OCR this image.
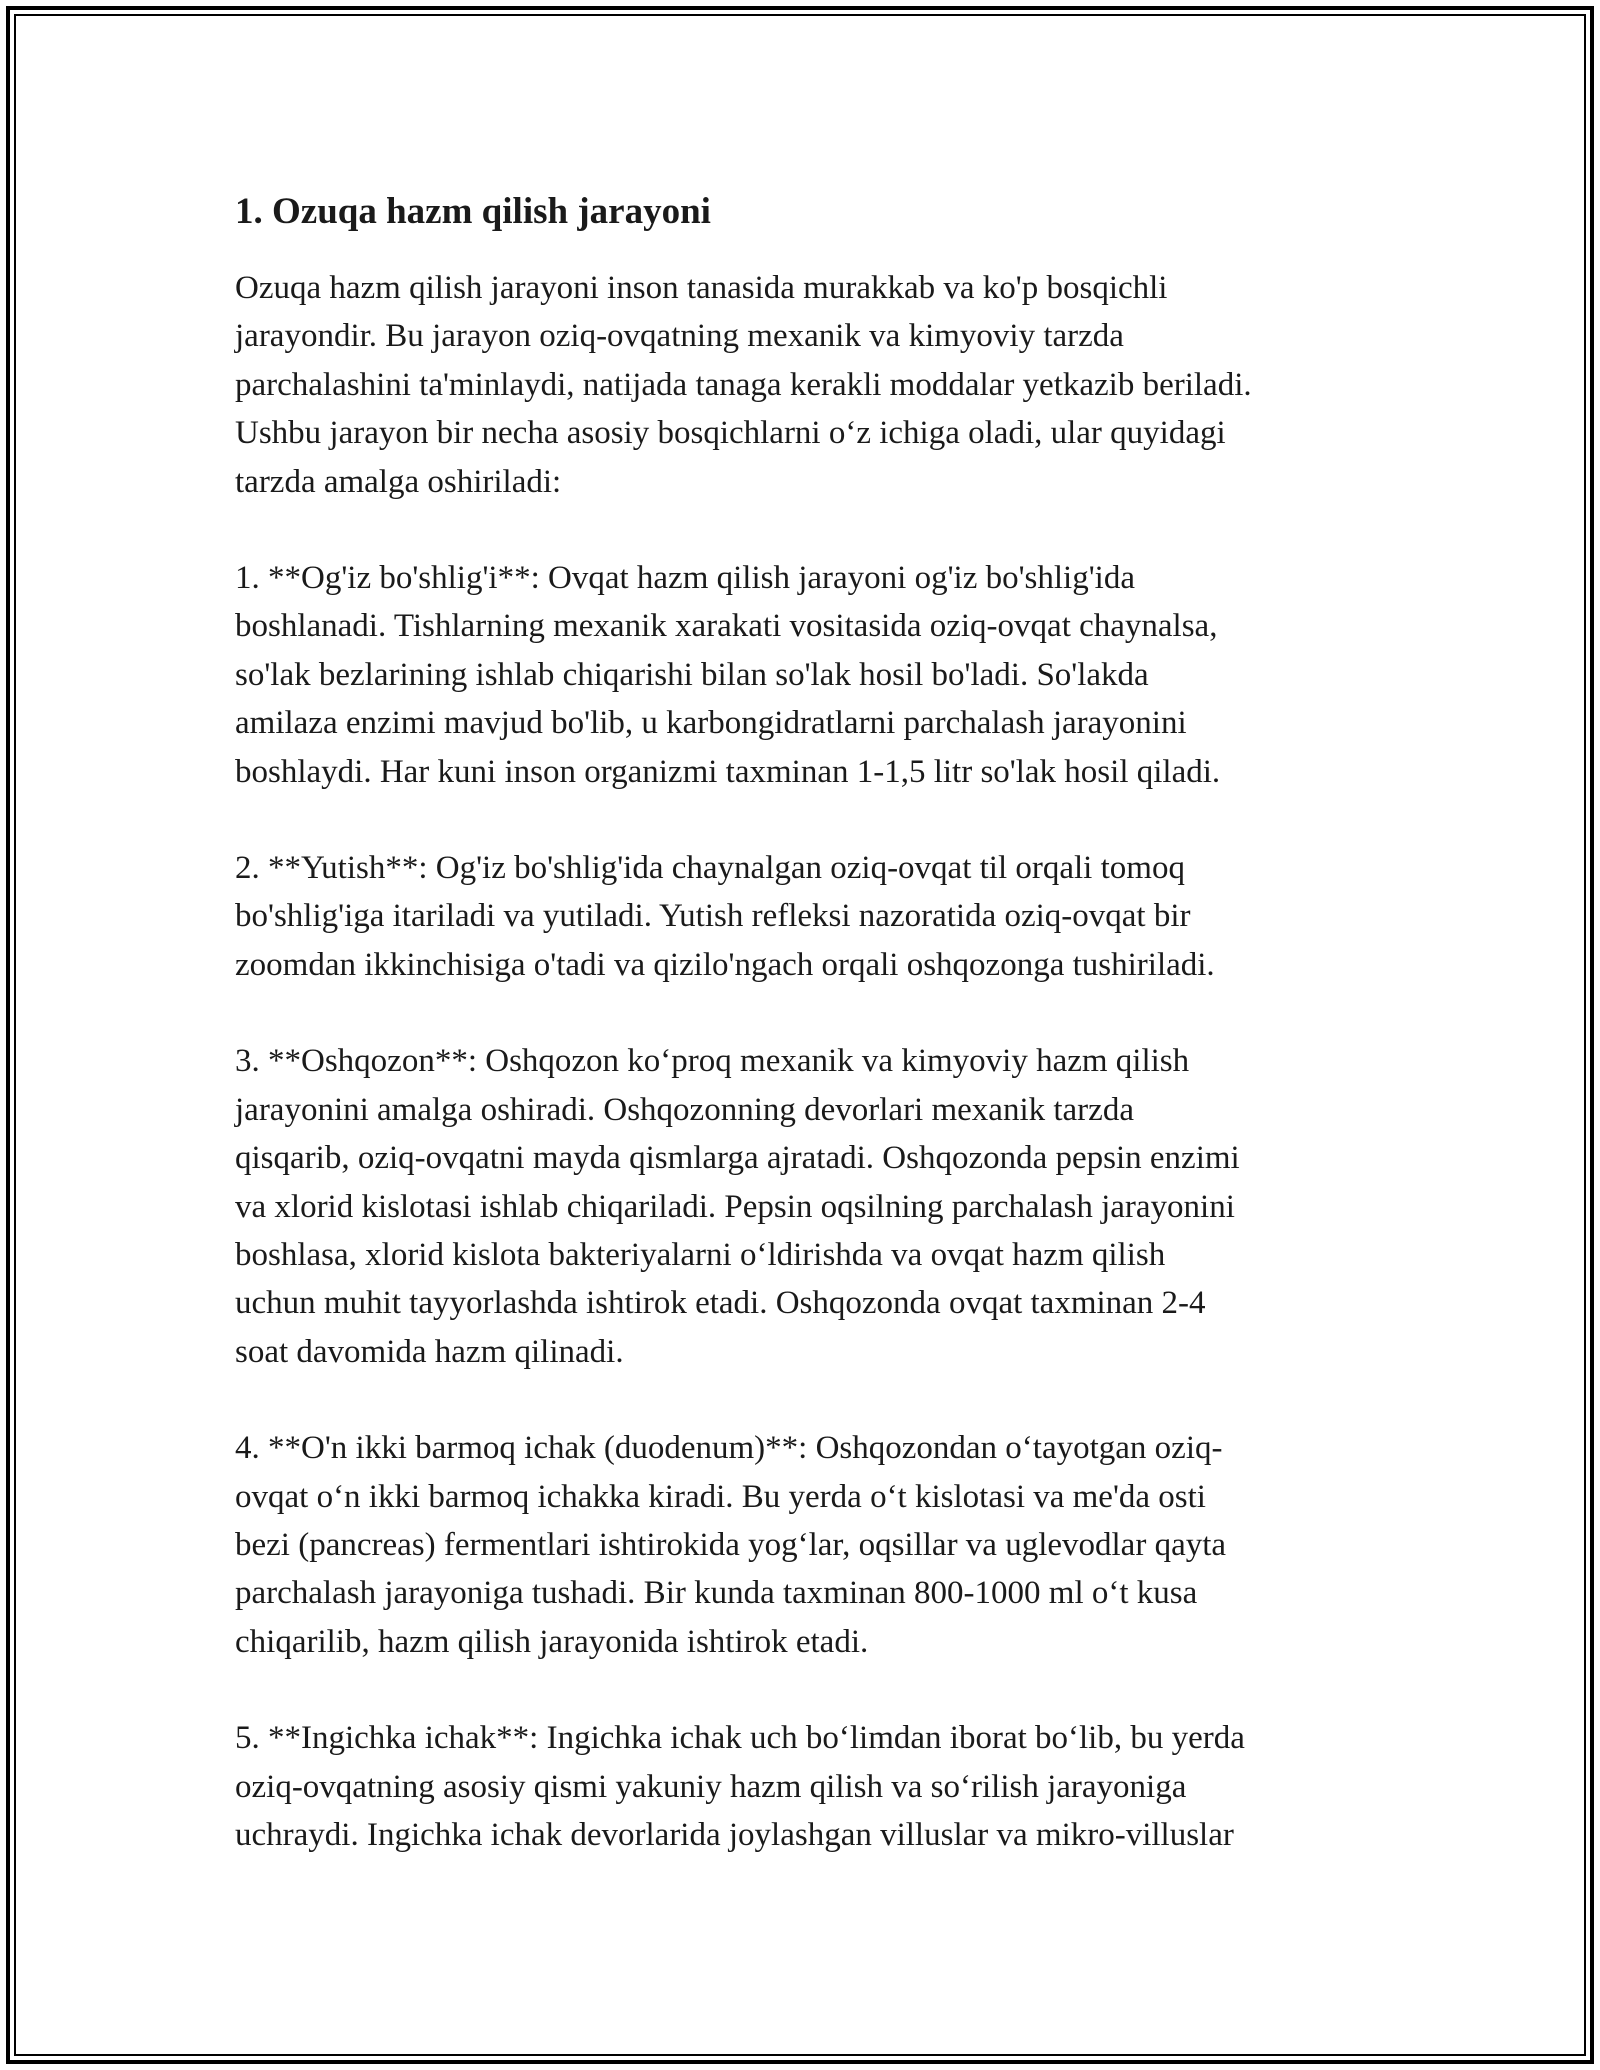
1. Ozuqa hazm qilish jarayoni

Ozuqa hazm qilish jarayoni inson tanasida murakkab va ko'p bosqichli
jarayondir. Bu jarayon oziq-ovqatning mexanik va kimyoviy tarzda
parchalashini ta'minlaydi, natijada tanaga kerakli moddalar yetkazib beriladi.
Ushbu jarayon bir necha asosiy bosqichlarni o‘z ichiga oladi, ular quyidagi
tarzda amalga oshiriladi:

1. **Og'iz bo'shlig'i**: Ovqat hazm qilish jarayoni og'iz bo'shlig'ida
boshlanadi. Tishlarning mexanik xarakati vositasida oziq-ovqat chaynalsa,
so'lak bezlarining ishlab chiqarishi bilan so'lak hosil bo'ladi. So'lakda
amilaza enzimi mavjud bo'lib, u karbongidratlarni parchalash jarayonini
boshlaydi. Har kuni inson organizmi taxminan 1-1,5 litr so'lak hosil qiladi.

2. **Yutish**: Og'iz bo'shlig'ida chaynalgan oziq-ovqat til orqali tomoq
bo'shlig'iga itariladi va yutiladi. Yutish refleksi nazoratida oziq-ovqat bir
zoomdan ikkinchisiga o'tadi va qizilo'ngach orqali oshqozonga tushiriladi.

3. **Oshqozon**: Oshqozon ko‘proq mexanik va kimyoviy hazm qilish
jarayonini amalga oshiradi. Oshqozonning devorlari mexanik tarzda
qisqarib, oziq-ovqatni mayda qismlarga ajratadi. Oshqozonda pepsin enzimi
va xlorid kislotasi ishlab chiqariladi. Pepsin oqsilning parchalash jarayonini
boshlasa, xlorid kislota bakteriyalarni o‘ldirishda va ovqat hazm qilish
uchun muhit tayyorlashda ishtirok etadi. Oshqozonda ovqat taxminan 2-4
soat davomida hazm qilinadi.

4. **O'n ikki barmoq ichak (duodenum)**: Oshqozondan o‘tayotgan oziq-
ovqat o‘n ikki barmoq ichakka kiradi. Bu yerda o‘t kislotasi va me'da osti
bezi (pancreas) fermentlari ishtirokida yog‘lar, oqsillar va uglevodlar qayta
parchalash jarayoniga tushadi. Bir kunda taxminan 800-1000 ml o‘t kusa
chiqarilib, hazm qilish jarayonida ishtirok etadi.

5. **Ingichka ichak**: Ingichka ichak uch bo‘limdan iborat bo‘lib, bu yerda
oziq-ovqatning asosiy qismi yakuniy hazm qilish va so‘rilish jarayoniga
uchraydi. Ingichka ichak devorlarida joylashgan villuslar va mikro-villuslar
